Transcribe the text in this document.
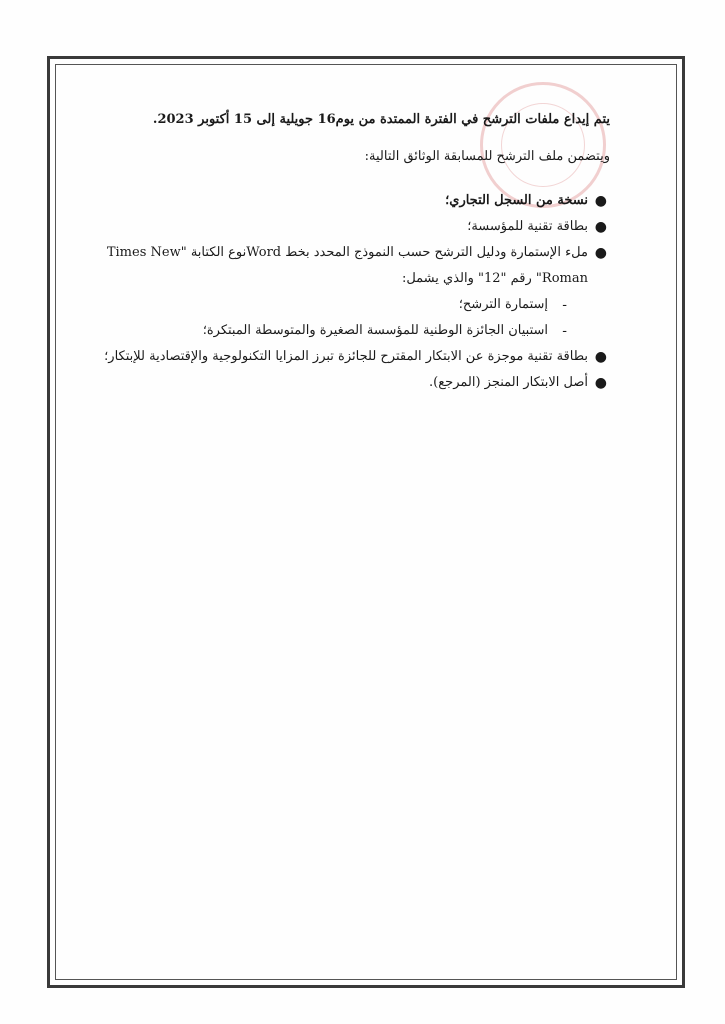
يتم إيداع ملفات الترشح في الفترة الممتدة من يوم16 جويلية إلى 15 أكتوبر 2023.

ويتضمن ملف الترشح للمسابقة الوثائق التالية:

●
نسخة من السجل التجاري؛
●
بطاقة تقنية للمؤسسة؛
●
ملء الإستمارة ودليل الترشح حسب النموذج المحدد بخط Wordنوع الكتابة "Times New Roman" رقم "12" والذي يشمل:
-
إستمارة الترشح؛
-
استبيان الجائزة الوطنية للمؤسسة الصغيرة والمتوسطة المبتكرة؛
●
بطاقة تقنية موجزة عن الابتكار المقترح للجائزة تبرز المزايا التكنولوجية والإقتصادية للإبتكار؛
●
أصل الابتكار المنجز (المرجع).
